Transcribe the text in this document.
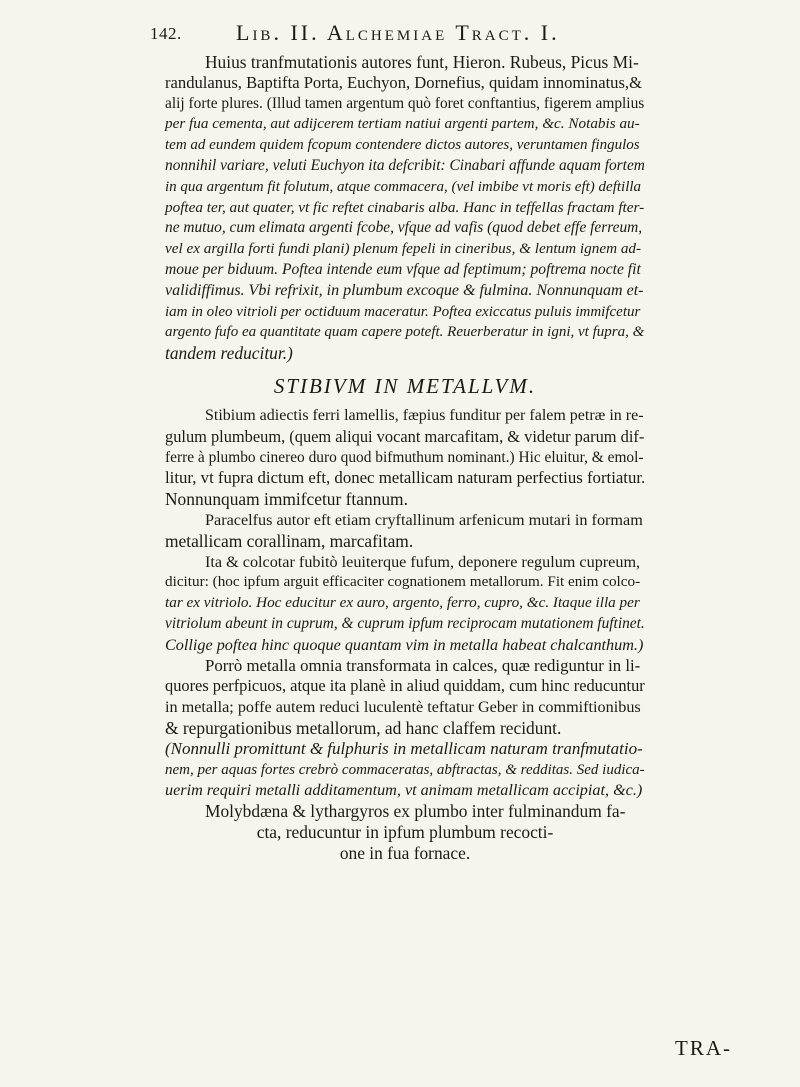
142. Lib. II. Alchemiae Tract. I.
Huius tranfmutationis autores funt, Hieron. Rubeus, Picus Mi-
randulanus, Baptifta Porta, Euchyon, Dornefius, quidam innominatus,&
alij forte plures. (Illud tamen argentum quò foret conftantius, figerem amplius
per fua cementa, aut adijcerem tertiam natiui argenti partem, &c. Notabis au-
tem ad eundem quidem fcopum contendere dictos autores, veruntamen fingulos
nonnihil variare, veluti Euchyon ita defcribit: Cinabari affunde aquam fortem
in qua argentum fit folutum, atque commacera, (vel imbibe vt moris eft) deftilla
poftea ter, aut quater, vt fic reftet cinabaris alba. Hanc in teffellas fractam fter-
ne mutuo, cum elimata argenti fcobe, vfque ad vafis (quod debet effe ferreum,
vel ex argilla forti fundi plani) plenum fepeli in cineribus, & lentum ignem ad-
moue per biduum. Poftea intende eum vfque ad feptimum; poftrema nocte fit
validiffimus. Vbi refrixit, in plumbum excoque & fulmina. Nonnunquam et-
iam in oleo vitrioli per octiduum maceratur. Poftea exiccatus puluis immifcetur
argento fufo ea quantitate quam capere poteft. Reuerberatur in igni, vt fupra, &
tandem reducitur.)
STIBIVM IN METALLVM.
Stibium adiectis ferri lamellis, fæpius funditur per falem petræ in re-
gulum plumbeum, (quem aliqui vocant marcafitam, & videtur parum dif-
ferre à plumbo cinereo duro quod bifmuthum nominant.) Hic eluitur, & emol-
litur, vt fupra dictum eft, donec metallicam naturam perfectius fortiatur.
Nonnunquam immifcetur ftannum.
Paracelfus autor eft etiam cryftallinum arfenicum mutari in formam
metallicam corallinam, marcafitam.
Ita & colcotar fubitò leuiterque fufum, deponere regulum cupreum,
dicitur: (hoc ipfum arguit efficaciter cognationem metallorum. Fit enim colco-
tar ex vitriolo. Hoc educitur ex auro, argento, ferro, cupro, &c. Itaque illa per
vitriolum abeunt in cuprum, & cuprum ipfum reciprocam mutationem fuftinet.
Collige poftea hinc quoque quantam vim in metalla habeat chalcanthum.)
Porrò metalla omnia transformata in calces, quæ rediguntur in li-
quores perfpicuos, atque ita planè in aliud quiddam, cum hinc reducuntur
in metalla; poffe autem reduci luculentè teftatur Geber in commiftionibus
& repurgationibus metallorum, ad hanc claffem recidunt.
(Nonnulli promittunt & fulphuris in metallicam naturam tranfmutatio-
nem, per aquas fortes crebrò commaceratas, abftractas, & redditas. Sed iudica-
uerim requiri metalli additamentum, vt animam metallicam accipiat, &c.)
Molybdæna & lythargyros ex plumbo inter fulminandum fa-
cta, reducuntur in ipfum plumbum recocti-
one in fua fornace.
TRA-
